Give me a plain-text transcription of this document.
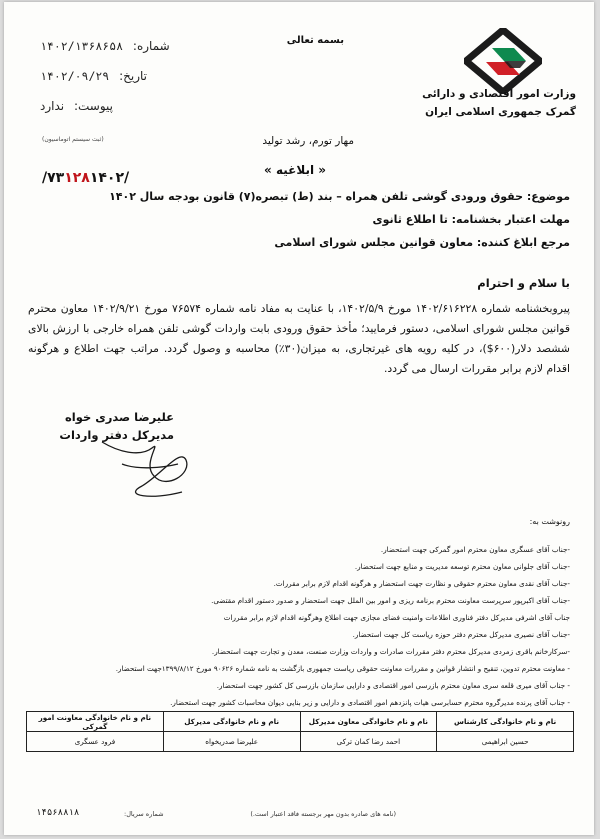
بسمه تعالی
وزارت امور اقتصادی و دارائی
گمرک جمهوری اسلامی ایران
شماره: ۱۴۰۲/۱۳۶۸۶۵۸
تاریخ: ۱۴۰۲/۰۹/۲۹
پیوست: ندارد
(ثبت سیستم اتوماسیون)	مهار تورم، رشد تولید
« ابلاغیه »
/۷۳۱۲۸۱۴۰۲/
موضوع: حقوق ورودی گوشی تلفن همراه – بند (ط) تبصره(۷) قانون بودجه سال ۱۴۰۲
مهلت اعتبار بخشنامه: تا اطلاع ثانوی
مرجع ابلاغ کننده: معاون قوانین مجلس شورای اسلامی
با سلام و احترام
پیروبخشنامه شماره ۱۴۰۲/۶۱۶۲۲۸ مورخ ۱۴۰۲/۵/۹، با عنایت به مفاد نامه شماره ۷۶۵۷۴ مورخ ۱۴۰۲/۹/۲۱ معاون محترم قوانین مجلس شورای اسلامی، دستور فرمایید؛ مأخذ حقوق ورودی بابت واردات گوشی تلفن همراه خارجی با ارزش بالای ششصد دلار(۶۰۰$)، در کلیه رویه های غیرتجاری، به میزان(۳۰٪) محاسبه و وصول گردد. مراتب جهت اطلاع و هرگونه اقدام لازم برابر مقررات ارسال می گردد.
علیرضا صدری خواه
مدیرکل دفتر واردات
رونوشت به:
-جناب آقای عسگری معاون محترم امور گمرکی جهت استحضار.
-جناب آقای جلوانی معاون محترم توسعه مدیریت و منابع جهت استحضار.
-جناب آقای نقدی معاون محترم حقوقی و نظارت جهت استحضار و هرگونه اقدام لازم برابر مقررات.
-جناب آقای اکبرپور سرپرست معاونت محترم برنامه ریزی و امور بین الملل جهت استحضار و صدور دستور اقدام مقتضی.
جناب آقای اشرفی مدیرکل دفتر فناوری اطلاعات وامنیت فضای مجازی جهت اطلاع وهرگونه اقدام لازم برابر مقررات
-جناب آقای نصیری مدیرکل محترم دفتر حوزه ریاست کل جهت استحضار.
-سرکارخانم باقری زمردی مدیرکل محترم دفتر مقررات صادرات و واردات وزارت صنعت، معدن و تجارت جهت استحضار.
- معاونت محترم تدوین، تنقیح و انتشار قوانین و مقررات معاونت حقوقی ریاست جمهوری بازگشت به نامه شماره ۹۰۶۲۶ مورخ ۱۳۹۹/۸/۱۲جهت استحضار.
- جناب آقای میری قلعه سری معاون محترم بازرسی امور اقتصادی و دارایی سازمان بازرسی کل کشور جهت استحضار.
- جناب آقای پرنده مدیرگروه محترم حسابرسی هیات پانزدهم امور اقتصادی و دارایی و زیر بنایی دیوان محاسبات کشور جهت استحضار.
نام و نام خانوادگی کارشناس	نام و نام خانوادگی معاون مدیرکل	نام و نام خانوادگی مدیرکل	نام و نام خانوادگی معاونت امور گمرکی
حسین ابراهیمی	احمد رضا کمان ترکی	علیرضا صدریخواه	فرود عسگری
(نامه های صادره بدون مهر برجسته فاقد اعتبار است.)
شماره سریال:
۱۴۵۶۸۸۱۸
